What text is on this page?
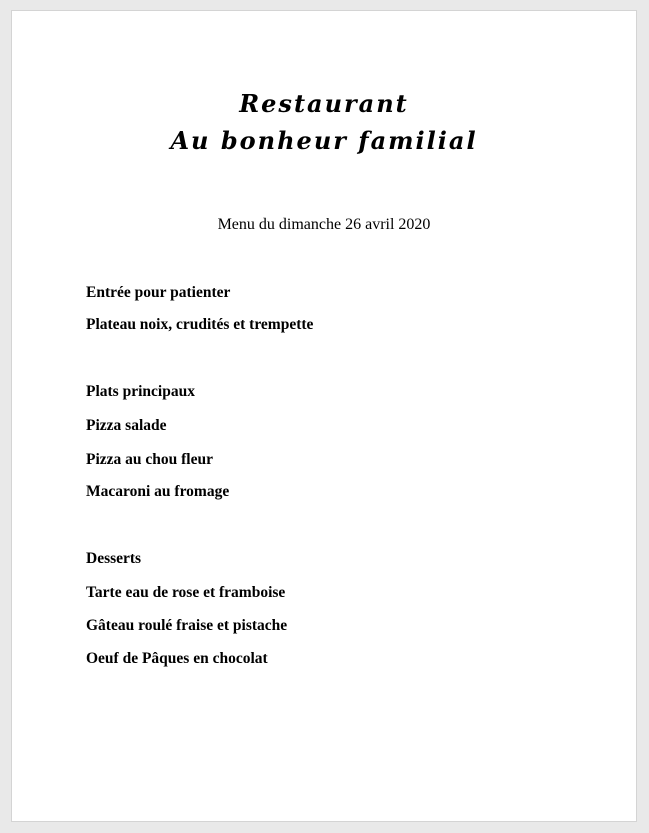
Restaurant
Au bonheur familial
Menu du dimanche 26 avril 2020
Entrée pour patienter
Plateau noix, crudités et trempette
Plats principaux
Pizza salade
Pizza au chou fleur
Macaroni au fromage
Desserts
Tarte eau de rose et framboise
Gâteau roulé fraise et pistache
Oeuf de Pâques en chocolat
